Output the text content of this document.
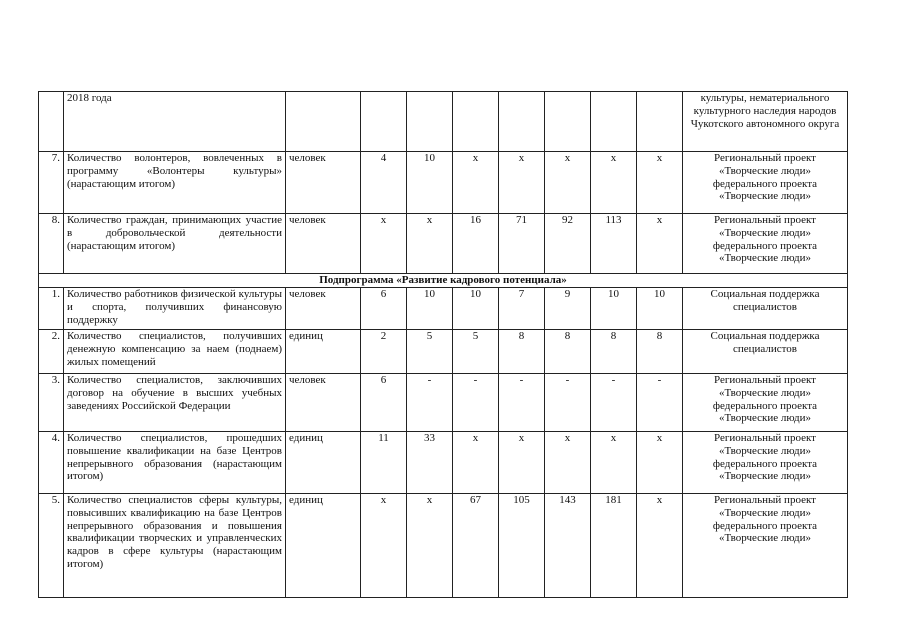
	2018 года									культуры, нематериального культурного наследия народов Чукотского автономного округа
7.	Количество волонтеров, вовлеченных в программу «Волонтеры культуры» (нарастающим итогом)	человек	4	10	х	х	х	х	х	Региональный проект «Творческие люди» федерального проекта «Творческие люди»
8.	Количество граждан, принимающих участие в добровольческой деятельности (нарастающим итогом)	человек	х	х	16	71	92	113	х	Региональный проект «Творческие люди» федерального проекта «Творческие люди»
Подпрограмма «Развитие кадрового потенциала»										
1.	Количество работников физической культуры и спорта, получивших финансовую поддержку	человек	6	10	10	7	9	10	10	Социальная поддержка специалистов
2.	Количество специалистов, получивших денежную компенсацию за наем (поднаем) жилых помещений	единиц	2	5	5	8	8	8	8	Социальная поддержка специалистов
3.	Количество специалистов, заключивших договор на обучение в высших учебных заведениях Российской Федерации	человек	6	-	-	-	-	-	-	Региональный проект «Творческие люди» федерального проекта «Творческие люди»
4.	Количество специалистов, прошедших повышение квалификации на базе Центров непрерывного образования (нарастающим итогом)	единиц	11	33	х	х	х	х	х	Региональный проект «Творческие люди» федерального проекта «Творческие люди»
5.	Количество специалистов сферы культуры, повысивших квалификацию на базе Центров непрерывного образования и повышения квалификации творческих и управленческих кадров в сфере культуры (нарастающим итогом)	единиц	х	х	67	105	143	181	х	Региональный проект «Творческие люди» федерального проекта «Творческие люди»
